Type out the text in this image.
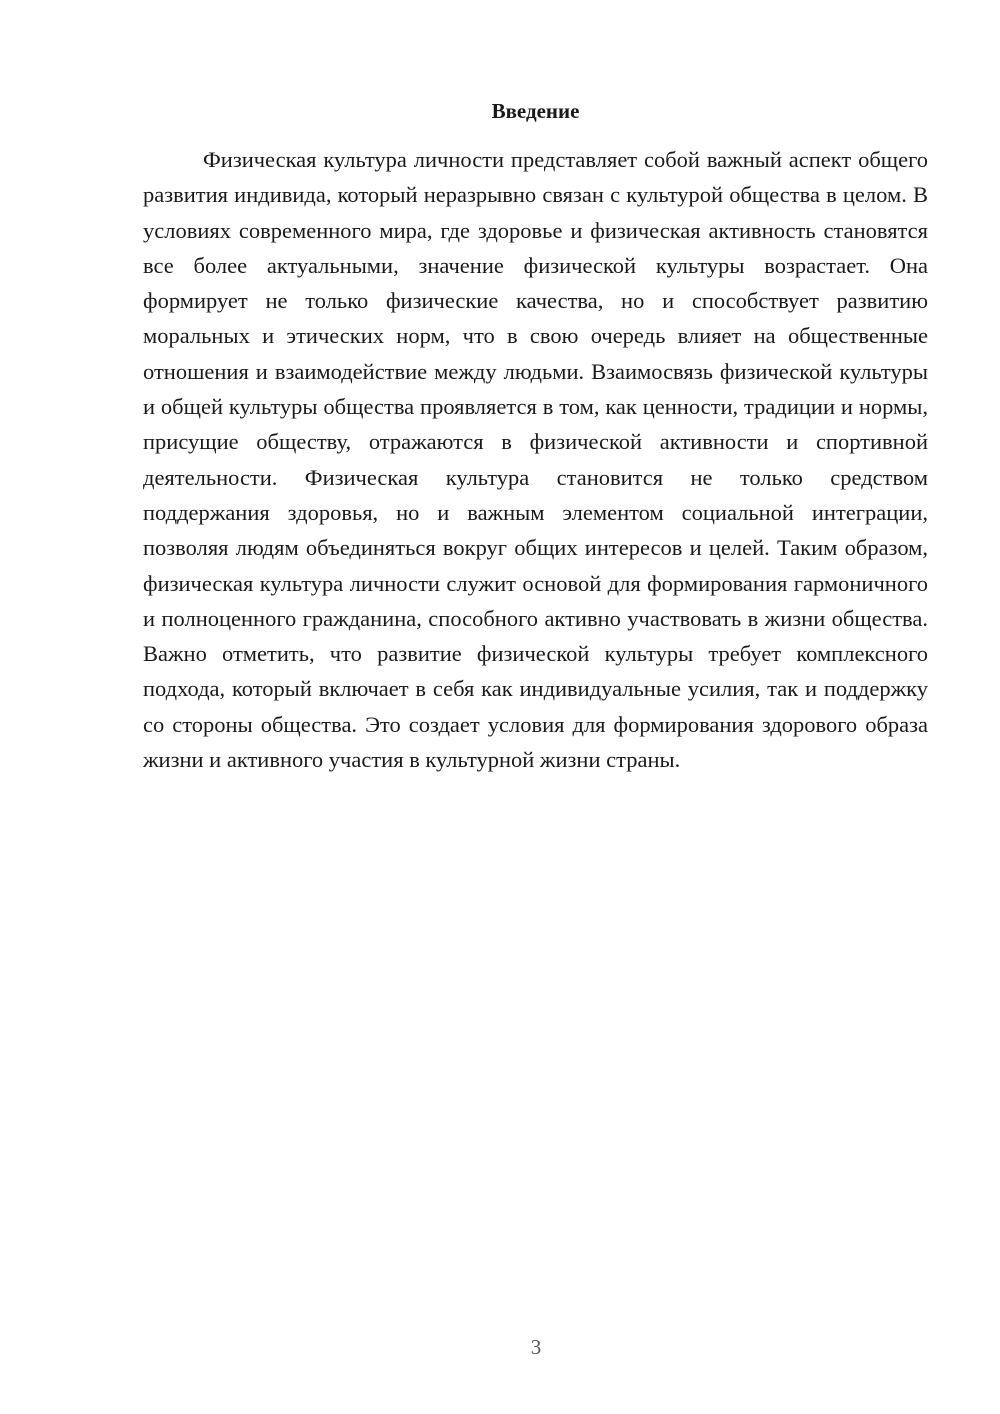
Введение

Физическая культура личности представляет собой важный аспект общего развития индивида, который неразрывно связан с культурой общества в целом. В условиях современного мира, где здоровье и физическая активность становятся все более актуальными, значение физической культуры возрастает. Она формирует не только физические качества, но и способствует развитию моральных и этических норм, что в свою очередь влияет на общественные отношения и взаимодействие между людьми. Взаимосвязь физической культуры и общей культуры общества проявляется в том, как ценности, традиции и нормы, присущие обществу, отражаются в физической активности и спортивной деятельности. Физическая культура становится не только средством поддержания здоровья, но и важным элементом социальной интеграции, позволяя людям объединяться вокруг общих интересов и целей. Таким образом, физическая культура личности служит основой для формирования гармоничного и полноценного гражданина, способного активно участвовать в жизни общества. Важно отметить, что развитие физической культуры требует комплексного подхода, который включает в себя как индивидуальные усилия, так и поддержку со стороны общества. Это создает условия для формирования здорового образа жизни и активного участия в культурной жизни страны.

3
